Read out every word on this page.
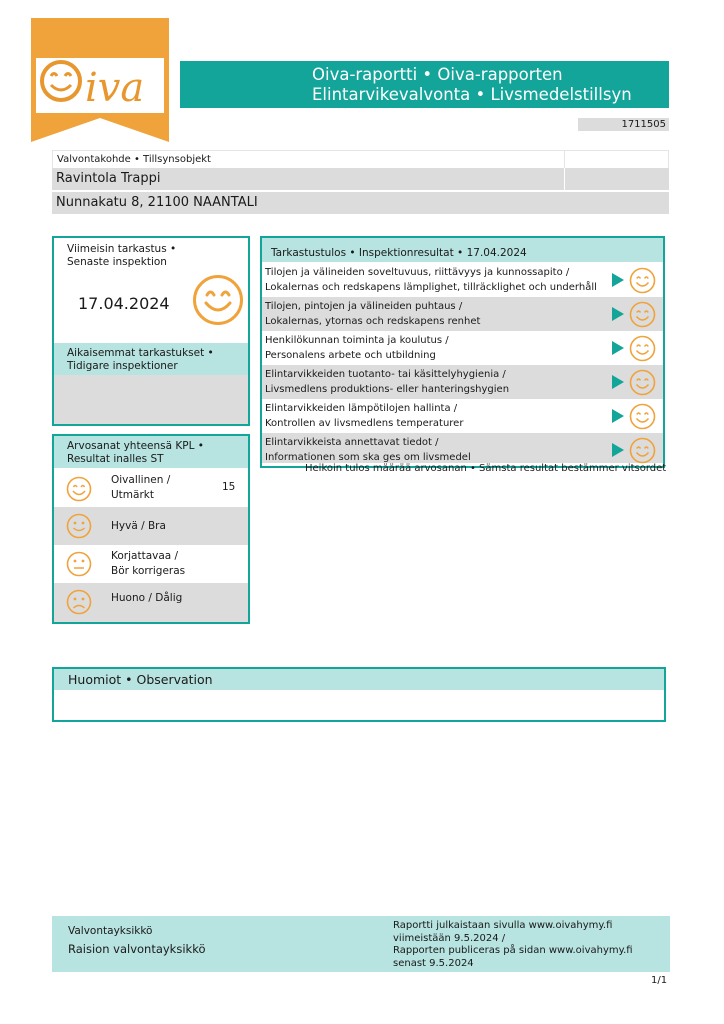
iva	Oiva-raportti • Oiva-rapporten
Elintarvikevalvonta • Livsmedelstillsyn
1711505
Valvontakohde • Tillsynsobjekt
Ravintola Trappi
Nunnakatu 8, 21100 NAANTALI
Viimeisin tarkastus • Senaste inspektion
17.04.2024
Aikaisemmat tarkastukset • Tidigare inspektioner
Arvosanat yhteensä KPL • Resultat inalles ST
Oivallinen /
Utmärkt
15
Hyvä / Bra
Korjattavaa /
Bör korrigeras
Huono / Dålig
Tarkastustulos • Inspektionresultat • 17.04.2024
Tilojen ja välineiden soveltuvuus, riittävyys ja kunnossapito /
Lokalernas och redskapens lämplighet, tillräcklighet och underhåll
Tilojen, pintojen ja välineiden puhtaus /
Lokalernas, ytornas och redskapens renhet
Henkilökunnan toiminta ja koulutus /
Personalens arbete och utbildning
Elintarvikkeiden tuotanto- tai käsittelyhygienia /
Livsmedlens produktions- eller hanteringshygien
Elintarvikkeiden lämpötilojen hallinta /
Kontrollen av livsmedlens temperaturer
Elintarvikkeista annettavat tiedot /
Informationen som ska ges om livsmedel
Heikoin tulos määrää arvosanan • Sämsta resultat bestämmer vitsordet
Huomiot • Observation
Valvontayksikkö
Raision valvontayksikkö
Raportti julkaistaan sivulla www.oivahymy.fi
viimeistään 9.5.2024 /
Rapporten publiceras på sidan www.oivahymy.fi
senast 9.5.2024
1/1
